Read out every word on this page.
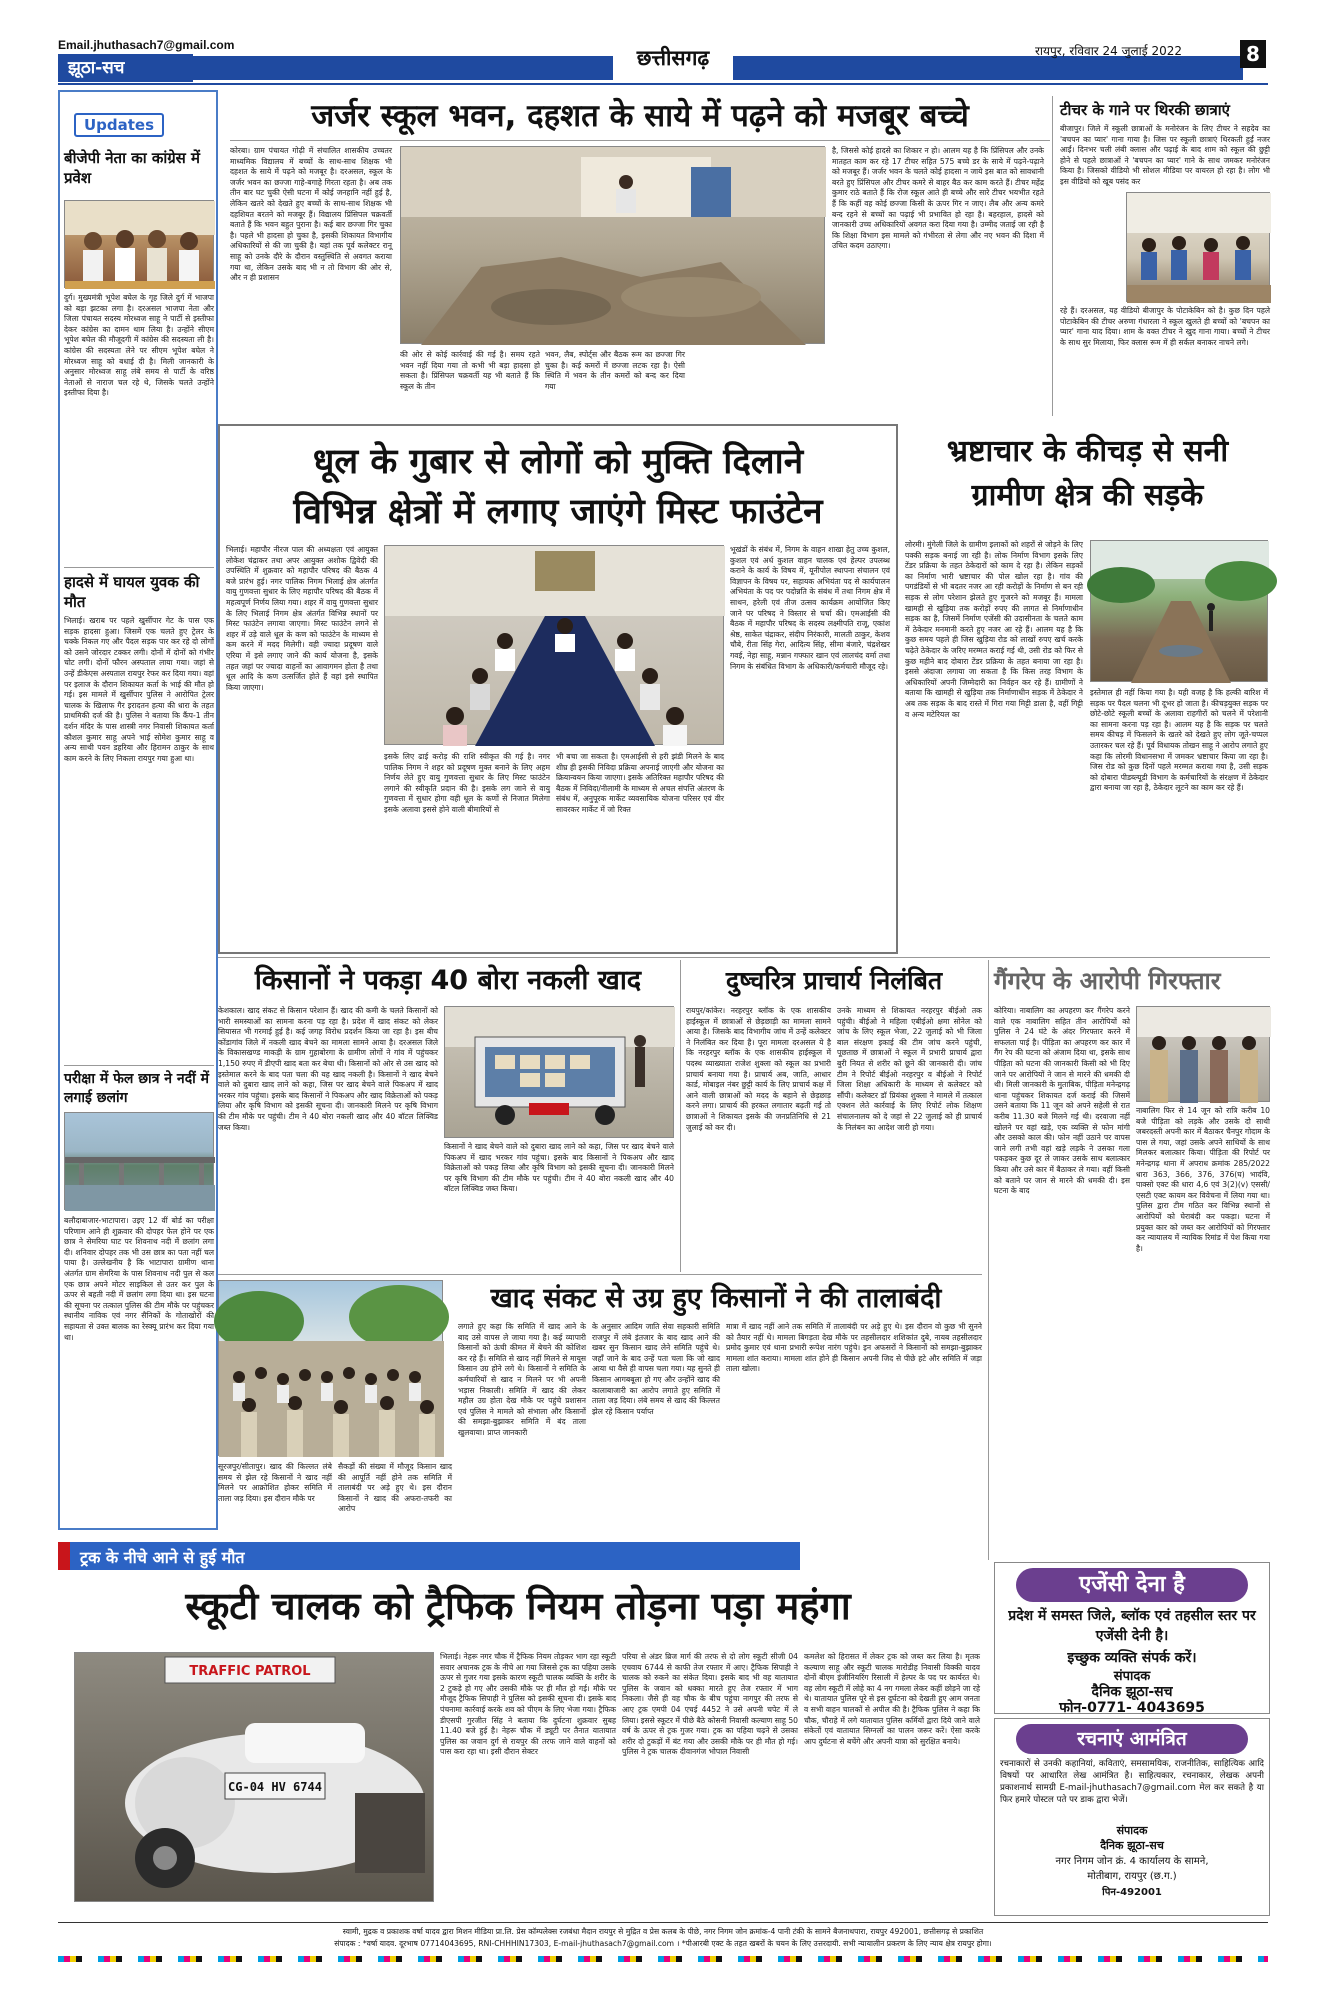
Email.jhuthasach7@gmail.com
झूठा-सच	छत्तीसगढ़	रायपुर, रविवार 24 जुलाई 2022	8
Updates
बीजेपी नेता का कांग्रेस में प्रवेश
दुर्ग। मुख्यमंत्री भूपेश बघेल के गृह जिले दुर्ग में भाजपा को बड़ा झटका लगा है। दरअसल भाजपा नेता और जिला पंचायत सदस्य मोरध्वज साहू ने पार्टी से इस्तीफा देकर कांग्रेस का दामन थाम लिया है। उन्होंने सीएम भूपेश बघेल की मौजूदगी में कांग्रेस की सदस्यता ली है। कांग्रेस की सदस्यता लेने पर सीएम भूपेश बघेल ने मोरध्वज साहू को बधाई दी है। मिली जानकारी के अनुसार मोरध्वज साहू लंबे समय से पार्टी के वरिष्ठ नेताओं से नाराज चल रहे थे, जिसके चलते उन्होंने इस्तीफा दिया है।
हादसे में घायल युवक की मौत
भिलाई। खराब पर पहले खुर्सीपार गेट के पास एक सड़क हादसा हुआ। जिसमें एक चलते हुए ट्रेलर के चक्के निकल गए और पैदल सड़क पार कर रहे दो लोगों को उसने जोरदार टक्कर लगी। दोनों में दोनों को गंभीर चोट लगी। दोनों फौरन अस्पताल लाया गया। जहां से उन्हें डीकेएस अस्पताल रायपुर रेफर कर दिया गया। वहां पर इलाज के दौरान शिकायत कर्ता के भाई की मौत हो गई। इस मामले में खुर्सीपार पुलिस ने आरोपित ट्रेलर चालक के खिलाफ गैर इरादतन हत्या की धारा के तहत प्राथमिकी दर्ज की है। पुलिस ने बताया कि कैंप-1 तीन दर्शन मंदिर के पास शास्त्री नगर निवासी शिकायत कर्ता कौशल कुमार साहू अपने भाई सोमेश कुमार साहू व अन्य साथी पवन डहरिया और हिरामन ठाकुर के साथ काम करने के लिए निकला रायपुर गया हुआ था।
परीक्षा में फेल छात्र ने नदीं में लगाई छलांग
बलौदाबाजार-भाटापारा। उइए 12 वीं बोर्ड का परीक्षा परिणाम आने ही शुक्रवार की दोपहर फेल होने पर एक छात्र ने सेमरिया घाट पर शिवनाथ नदी में छलांग लगा दी। शनिवार दोपहर तक भी उस छात्र का पता नहीं चल पाया है। उल्लेखनीय है कि भाटापारा ग्रामीण थाना अंतर्गत ग्राम सेमरिया के पास शिवनाथ नदी पुल से कल एक छात्र अपने मोटर साइकिल से उतर कर पुल के ऊपर से बहती नदी में छलांग लगा दिया था। इस घटना की सूचना पर तत्काल पुलिस की टीम मौके पर पहुंचकर स्थानीय नाविक एवं नगर सैनिकों के गोताखोरों की सहायता से उक्त बालक का रेस्क्यू प्रारंभ कर दिया गया था।
जर्जर स्कूल भवन, दहशत के साये में पढ़ने को मजबूर बच्चे
कोरबा। ग्राम पंचायत गोढ़ी में संचालित शासकीय उच्चतर माध्यमिक विद्यालय में बच्चों के साथ-साथ शिक्षक भी दहशत के साये में पढ़ने को मजबूर है। दरअसल, स्कूल के जर्जर भवन का छज्जा गाहे-बगाहे गिरता रहता है। अब तक तीन बार घट चुकी ऐसी घटना में कोई जनहानि नहीं हुई है, लेकिन खतरे को देखते हुए बच्चों के साथ-साथ शिक्षक भी दहशियत बरतने को मजबूर हैं। विद्यालय प्रिंसिपल चक्रवर्ती बताते हैं कि भवन बहुत पुराना है। कई बार छज्जा गिर चुका है। पहले भी हादसा हो चुका है, इसकी शिकायत विभागीय अधिकारियों से की जा चुकी है। यहां तक पूर्व कलेक्टर रानू साहू को उनके दौरे के दौरान वस्तुस्थिति से अवगत कराया गया था, लेकिन उसके बाद भी न तो विभाग की ओर से, और न ही प्रशासन
की ओर से कोई कार्रवाई की गई है। समय रहते भवन नहीं दिया गया तो कभी भी बड़ा हादसा हो सकता है। प्रिंसिपल चक्रवर्ती यह भी बताते हैं कि स्कूल के तीन
भवन, लैब, स्पोर्ट्स और बैठक रूम का छज्जा गिर चुका है। कई कमरों में छज्जा लटक रहा है। ऐसी स्थिति में भवन के तीन कमरों को बन्द कर दिया गया
है, जिससे कोई हादसे का शिकार न हो। आलम यह है कि प्रिंसिपल और उनके मातहत काम कर रहे 17 टीचर सहित 575 बच्चे डर के साये में पढ़ने-पढ़ाने को मजबूर हैं। जर्जर भवन के चलते कोई हादसा न जाये इस बात को सावधानी बरते हुए प्रिंसिपल और टीचर कमरे से बाहर बैठ कर काम करते हैं। टीचर महेंद्र कुमार राठे बताते हैं कि रोज स्कूल आते ही बच्चे और सारे टीचर भयभीत रहते हैं कि कहीं वह कोई छज्जा किसी के ऊपर गिर न जाए। लैब और अन्य कमरे बन्द रहने से बच्चों का पढ़ाई भी प्रभावित हो रहा है। बहरहाल, हादसे को जानकारी उच्च अधिकारियों अवगत करा दिया गया है। उम्मीद जताई जा रही है कि शिक्षा विभाग इस मामले को गंभीरता से लेगा और नए भवन की दिशा में उचित कदम उठाएगा।
टीचर के गाने पर थिरकी छात्राएं
बीजापुर। जिले में स्कूली छात्राओं के मनोरंजन के लिए टीचर ने सहदेव का 'बचपन का प्यार' गाना गाया है। जिस पर स्कूली छात्राएं थिरकती हुईं नजर आईं। दिनभर चली लंबी क्लास और पढ़ाई के बाद शाम को स्कूल की छुट्टी होने से पहले छात्राओं ने 'बचपन का प्यार' गाने के साथ जमकर मनोरंजन किया है। जिसको वीडियो भी सोशल मीडिया पर वायरल हो रहा है। लोग भी इस वीडियो को खूब पसंद कर
रहे हैं। दरअसल, यह वीडियो बीजापुर के पोटाकेबिन को है। कुछ दिन पहले पोटाकेबिन की टीचर अरुणा गंधारला ने स्कूल खुलते ही बच्चों को 'बचपन का प्यार' गाना याद दिया। शाम के वक्त टीचर ने खुद गाना गाया। बच्चों ने टीचर के साथ सुर मिलाया, फिर क्लास रूम में ही सर्कल बनाकर नाचने लगे।
धूल के गुबार से लोगों को मुक्ति दिलाने
विभिन्न क्षेत्रों में लगाए जाएंगे मिस्ट फाउंटेन
भिलाई। महापौर नीरज पाल की अध्यक्षता एवं आयुक्त लोकेश चंद्राकर तथा अपर आयुक्त अशोक द्विवेदी की उपस्थिति में शुक्रवार को महापौर परिषद की बैठक 4 बजे प्रारंभ हुई। नगर पालिक निगम भिलाई क्षेत्र अंतर्गत वायु गुणवत्ता सुधार के लिए महापौर परिषद की बैठक में महत्वपूर्ण निर्णय लिया गया। शहर में वायु गुणवत्ता सुधार के लिए भिलाई निगम क्षेत्र अंतर्गत विभिन्न स्थानों पर मिस्ट फाउंटेन लगाया जाएगा। मिस्ट फाउंटेन लगने से शहर में उड़े वाले धूल के कण को फाउंटेन के माध्यम से कम करने में मदद मिलेगी। वही ज्यादा प्रदूषण वाले एरिया में इसे लगाए जाने की कार्य योजना है, इसके तहत जहां पर ज्यादा वाहनों का आवागमन होता है तथा धूल आदि के कण उत्सर्जित होते हैं वहां इसे स्थापित किया जाएगा।
इसके लिए ढाई करोड़ की राशि स्वीकृत की गई है। नगर पालिक निगम ने शहर को प्रदूषण मुक्त बनाने के लिए अहम निर्णय लेते हुए वायु गुणवत्ता सुधार के लिए मिस्ट फाउंटेन लगाने की स्वीकृति प्रदान की है। इसके लग जाने से वायु गुणवत्ता में सुधार होगा वही धूल के कणों से निजात मिलेगा इसके अलावा इससे होने वाली बीमारियों से
भी बचा जा सकता है। एमआईसी से हरी झंडी मिलने के बाद शीघ्र ही इसकी निविदा प्रक्रिया अपनाई जाएगी और योजना का क्रियान्वयन किया जाएगा। इसके अतिरिक्त महापौर परिषद की बैठक में निविदा/नीलामी के माध्यम से अचल संपत्ति अंतरण के संबंध में, अनुपूरक मार्केट व्यवसायिक योजना परिसर एवं वीर सावरकर मार्केट में जो रिक्त
भूखंडों के संबंध में, निगम के वाहन शाखा हेतु उच्च कुशल, कुशल एवं अर्ध कुशल वाहन चालक एवं हेल्पर उपलब्ध कराने के कार्य के विषय में, यूनीपोल स्थापना संचालन एवं विज्ञापन के विषय पर, सहायक अभियंता पद से कार्यपालन अभियंता के पद पर पदोन्नति के संबंध में तथा निगम क्षेत्र में साथन, हरेली एवं तीज उत्सव कार्यक्रम आयोजित किए जाने पर परिषद ने विस्तार से चर्चा की। एमआईसी की बैठक में महापौर परिषद के सदस्य लक्ष्मीपति राजू, एकांश श्रेष्ठ, साकेत चंद्राकर, संदीप निरंकारी, मालती ठाकुर, केशव चौबे, रीता सिंह गेरा, आदित्य सिंह, सीमा बंजारे, चंद्रशेखर गवई, नेहा साहू, मन्नान गफ्फार खान एवं लालचंद वर्मा तथा निगम के संबंधित विभाग के अधिकारी/कर्मचारी मौजूद रहे।
भ्रष्टाचार के कीचड़ से सनी
ग्रामीण क्षेत्र की सड़के
लोरमी। मुंगेली जिले के ग्रामीण इलाकों को शहरों से जोड़ने के लिए पक्की सड़क बनाई जा रही है। लोक निर्माण विभाग इसके लिए टेंडर प्रक्रिया के तहत ठेकेदारों को काम दे रहा है। लेकिन सड़कों का निर्माण भारी भ्रष्टाचार की पोल खोल रहा है। गांव की पगडंडियों से भी बदतर नजर आ रही करोड़ों के निर्माण से बन रही सड़क से लोग परेशान झेलते हुए गुजरने को मजबूर हैं। मामला खामही से खुड़िया तक करोड़ों रुपए की लागत से निर्माणाधीन सड़क का है, जिसमें निर्माण एजेंसी की उदासीनता के चलते काम में ठेकेदार मनमानी करते हुए नजर आ रहे हैं। आलम यह है कि कुछ समय पहले ही जिस खुड़िया रोड को लाखों रुपए खर्च करके चढ़ेते ठेकेदार के जरिए मरम्मत कराई गई थी, उसी रोड को फिर से कुछ महीने बाद दोबारा टेंडर प्रक्रिया के तहत बनाया जा रहा है। इससे अंदाजा लगाया जा सकता है कि किस तरह विभाग के अधिकारियों अपनी जिम्मेदारी का निर्वहन कर रहे हैं। ग्रामीणों ने बताया कि खामही से खुड़िया तक निर्माणाधीन सड़क में ठेकेदार ने अब तक सड़क के बाद रास्ते में गिरा गया मिट्टी डाला है, वहीं गिट्टी व अन्य मटेरियल का
इस्तेमाल ही नहीं किया गया है। यही वजह है कि हल्की बारिश में सड़क पर पैदल चलना भी दूभर हो जाता है। कीचड़युक्त सड़क पर छोटे-छोटे स्कूली बच्चों के अलावा राहगीरों को चलने में परेशानी का सामना करना पड़ रहा है। आलम यह है कि सड़क पर चलते समय कीचड़ में फिसलने के खतरे को देखते हुए लोग जूते-चप्पल उतारकर चल रहे हैं। पूर्व विधायक तोखन साहू ने आरोप लगाते हुए कहा कि लोरमी विधानसभा में जमकर भ्रष्टाचार किया जा रहा है। जिस रोड को कुछ दिनों पहले मरम्मत कराया गया है, उसी सड़क को दोबारा पीडब्ल्यूडी विभाग के कर्मचारियों के संरक्षण में ठेकेदार द्वारा बनाया जा रहा है, ठेकेदार लूटने का काम कर रहे हैं।
किसानों ने पकड़ा 40 बोरा नकली खाद
केशकाल। खाद संकट से किसान परेशान हैं। खाद की कमी के चलते किसानों को भारी समस्याओं का सामना करना पड़ रहा है। प्रदेश में खाद संकट को लेकर सियासत भी गरमाई हुई है। कई जगह विरोध प्रदर्शन किया जा रहा है। इस बीच कोंडागांव जिले में नकली खाद बेचने का मामला सामने आया है। दरअसल जिले के विकासखण्ड माकड़ी के ग्राम गुहाबोरगा के ग्रामीण लोगों ने गांव में पहुंचकर 1,150 रुपए में डीएपी खाद बता कर बेचा थी। किसानों को ओर से उस खाद को इस्तेमाल करने के बाद पता चला की यह खाद नकली है। किसानों ने खाद बेचने वाले को दुबारा खाद लाने को कहा, जिस पर खाद बेचने वाले पिकअप में खाद भरकर गांव पहुंचा। इसके बाद किसानों ने पिकअप और खाद विक्रेताओं को पकड़ लिया और कृषि विभाग को इसकी सूचना दी। जानकारी मिलने पर कृषि विभाग की टीम मौके पर पहुंची। टीम ने 40 बोरा नकली खाद और 40 बॉटल लिक्विड जब्त किया।
किसानों ने खाद बेचने वाले को दुबारा खाद लाने को कहा, जिस पर खाद बेचने वाले पिकअप में खाद भरकर गांव पहुंचा। इसके बाद किसानों ने पिकअप और खाद विक्रेताओं को पकड़ लिया और कृषि विभाग को इसकी सूचना दी। जानकारी मिलने पर कृषि विभाग की टीम मौके पर पहुंची। टीम ने 40 बोरा नकली खाद और 40 बॉटल लिक्विड जब्त किया।
दुष्चरित्र प्राचार्य निलंबित
रायपुर/कांकेर। नरहरपुर ब्लॉक के एक शासकीय हाईस्कूल में छात्राओं से छेड़छाड़ी का मामला सामने आया है। जिसके बाद विभागीय जांच में उन्हें कलेक्टर ने निलंबित कर दिया है। पूरा मामला दरअसल ये है कि नरहरपुर ब्लॉक के एक शासकीय हाईस्कूल में पदस्थ व्याख्याता राजेश शुक्ला को स्कूल का प्रभारी प्राचार्य बनाया गया है। प्राचार्य अब, जाति, आधार कार्ड, मोबाइल नंबर छुट्टी कार्य के लिए प्राचार्य कक्ष में आने वाली छात्राओं को मदद के बहाने से छेड़छाड़ करने लगा। प्राचार्य की हरकत लगातार बढ़ती गई तो छात्राओं ने शिकायत इसके की जनप्रतिनिधि से 21 जुलाई को कर दी।
उनके माध्यम से शिकायत नरहरपुर बीईओ तक पहुंची। बीईओ ने महिला एबीईओ क्षमा सोनेल को जांच के लिए स्कूल भेजा, 22 जुलाई को भी जिला बाल संरक्षण इकाई की टीम जांच करने पहुंची, पूछताछ में छात्राओं ने स्कूल में प्रभारी प्राचार्य द्वारा बुरी नियत से शरीर को छूने की जानकारी दी। जांच टीम ने रिपोर्ट बीईओ नरहरपुर व बीईओ ने रिपोर्ट जिला शिक्षा अधिकारी के माध्यम से कलेक्टर को सौंपी। कलेक्टर डॉ प्रियंका शुक्ला ने मामले में तत्काल एक्शन लेते कार्रवाई के लिए रिपोर्ट लोक शिक्षण संचालनालय को दे जहां से 22 जुलाई को ही प्राचार्य के निलंबन का आदेश जारी हो गया।
गैंगरेप के आरोपी गिरफ्तार
कोरिया। नाबालिग का अपहरण कर गैंगरेप करने वाले एक नाबालिग सहित तीन आरोपियों को पुलिस ने 24 घंटे के अंदर गिरफ्तार करने में सफलता पाई है। पीड़िता का अपहरण कर कार में गैंग रेप की घटना को अंजाम दिया था, इसके साथ पीड़िता को घटना की जानकारी किसी को भी दिए जाने पर आरोपियों ने जान से मारने की धमकी दी थी। मिली जानकारी के मुताबिक, पीड़िता मनेन्द्रगढ़ थाना पहुंचकर शिकायत दर्ज कराई की जिसमें उसने बताया कि 11 जून को अपने सहेली से रात करीब 11.30 बजे मिलने गई थी। दरवाजा नहीं खोलने पर वहां खड़े, एक व्यक्ति से फोन मांगी और उसको काल की। फोन नहीं उठाने पर वापस जाने लगी तभी वहां खड़े लड़के ने उसका गला पकड़कर कुछ दूर ले जाकर उसके साथ बलात्कार किया और उसे कार में बैठाकर ले गया। वहीं किसी को बताने पर जान से मारने की धमकी दी। इस घटना के बाद
नाबालिग फिर से 14 जून को रात्रि करीब 10 बजे पीड़िता को लड़के और उसके दो साथी जबरदस्ती अपनी कार में बैठाकर चैनपुर गोदाम के पास ले गया, जहां उसके अपने साथियों के साथ मिलकर बलात्कार किया। पीड़िता की रिपोर्ट पर मनेन्द्रगढ़ थाना में अपराध क्रमांक 285/2022 धारा 363, 366, 376, 376(घ) भादंवि, पाक्सो एक्ट की धारा 4,6 एवं 3(2)(v) एससी/एसटी एक्ट कायम कर विवेचना में लिया गया था। पुलिस द्वारा टीम गठित कर विभिन्न स्थानों से आरोपियों को घेराबंदी कर पकड़ा। घटना में प्रयुक्त कार को जब्त कर आरोपियों को गिरफ्तार कर न्यायालय में न्यायिक रिमांड में पेश किया गया है।
खाद संकट से उग्र हुए किसानों ने की तालाबंदी
सूरजपुर/सीतापुर। खाद की किल्लत लंबे समय से झेल रहे किसानों ने खाद नहीं मिलने पर आक्रोशित होकर समिति में ताला जड़ दिया। इस दौरान मौके पर
सैकड़ों की संख्या में मौजूद किसान खाद की आपूर्ति नहीं होने तक समिति में तालाबंदी पर अड़े हुए थे। इस दौरान किसानों ने खाद की अफरा-तफरी का आरोप
लगाते हुए कहा कि समिति में खाद आने के बाद उसे वापस ले जाया गया है। कई व्यापारी किसानों को ऊंची कीमत में बेचने की कोशिश कर रहे हैं। समिति से खाद नहीं मिलने से मायूस किसान उग्र होने लगे थे। किसानों ने समिति के कर्मचारियों से खाद न मिलने पर भी अपनी भड़ास निकाली। समिति में खाद की लेकर महौल उग्र होता देख मौके पर पहुंचे प्रशासन एवं पुलिस ने मामले को संभाला और किसानों की समझा-बुझाकर समिति में बंद ताला खुलवाया। प्राप्त जानकारी
के अनुसार आदिम जाति सेवा सहकारी समिति राजपुर में लंबे इंतजार के बाद खाद आने की खबर सुन किसान खाद लेने समिति पहुंचे थे। जहाँ जाने के बाद उन्हें पता चला कि जो खाद आया था वैसे ही वापस चला गया। यह सुनते ही किसान आगबबूला हो गए और उन्होंने खाद की कालाबाजारी का आरोप लगाते हुए समिति में ताला जड़ दिया। लंबे समय से खाद की किल्लत झेल रहे किसान पर्याप्त
मात्रा में खाद नहीं आने तक समिति में तालाबंदी पर अड़े हुए थे। इस दौरान वो कुछ भी सुनने को तैयार नहीं थे। मामला बिगड़ता देख मौके पर तहसीलदार शशिकांत दुबे, नायब तहसीलदार प्रमोद कुमार एवं थाना प्रभारी रूपेश नारंग पहुंचे। इन अफसरों ने किसानों को समझा-बुझाकर मामला शांत कराया। मामला शांत होने ही किसान अपनी जिद से पीछे हटे और समिति में जड़ा ताला खोला।
ट्रक के नीचे आने से हुई मौत
स्कूटी चालक को ट्रैफिक नियम तोड़ना पड़ा महंगा
TRAFFIC PATROL
CG-04 HV 6744
भिलाई। नेहरू नगर चौक में ट्रैफिक नियम तोड़कर भाग रहा स्कूटी सवार अचानक ट्रक के नीचे आ गया जिससे ट्रक का पहिया उसके ऊपर से गुजर गया इसके कारण स्कूटी चालक व्यक्ति के शरीर के 2 टुकड़े हो गए और उसकी मौके पर ही मौत हो गई। मौके पर मौजूद ट्रैफिक सिपाही ने पुलिस को इसकी सूचना दी। इसके बाद पंचनामा कार्रवाई करके शव को पीएम के लिए भेजा गया। ट्रैफिक डीएसपी गुरजीत सिंह ने बताया कि दुर्घटना शुक्रवार सुबह 11.40 बजे हुई है। नेहरू चौक में ड्यूटी पर तैनात यातायात पुलिस का जवान दुर्ग से रायपुर की तरफ जाने वाले वाहनों को पास करा रहा था। इसी दौरान सेक्टर
परिया से अंडर ब्रिज मार्ग की तरफ से दो लोग स्कूटी सीजी 04 एचवाय 6744 से काफी तेज रफ्तार में आए। ट्रैफिक सिपाही ने चालक को रुकने का संकेत दिया। इसके बाद भी वह यातायात पुलिस के जवान को धक्का मारते हुए तेज रफ्तार में भाग निकला। जैसे ही वह चौक के बीच पहुंचा नागपुर की तरफ से आए ट्रक एमपी 04 एचई 4452 ने उसे अपनी चपेट में ले लिया। इससे स्कूटर में पीछे बैठे कोसनी निवासी कल्याण साहू 50 वर्ष के ऊपर से ट्रक गुजर गया। ट्रक का पहिया चढ़ने से उसका शरीर दो टुकड़ों में बंट गया और उसकी मौके पर ही मौत हो गई। पुलिस ने ट्रक चालक दीवानगंज भोपाल निवासी
कमलेश को हिरासत में लेकर ट्रक को जब्त कर लिया है। मृतक कल्याण साहू और स्कूटी चालक मारोडीह निवासी विक्की यादव दोनों बीएम इंजीनियरिंग रिसाली में हेल्पर के पद पर कार्यरत थे। वह लोग स्कूटी में लोहे का 4 नग गमला लेकर कहीं छोड़ने जा रहे थे। यातायात पुलिस पूरे से इस दुर्घटना को देखती हुए आम जनता व सभी वाहन चालकों से अपील की है। ट्रैफिक पुलिस ने कहा कि चौक, चौराहे में लगे यातायात पुलिस कर्मियों द्वारा दिये जाने वाले संकेतों एवं यातायात सिग्नलों का पालन जरूर करें। ऐसा करके आप दुर्घटना से बचेंगे और अपनी यात्रा को सुरक्षित बनाये।
एजेंसी देना है
प्रदेश में समस्त जिले, ब्लॉक एवं तहसील स्तर पर एजेंसी देनी है।
इच्छुक व्यक्ति संपर्क करें।
संपादक
दैनिक झूठा-सच
फोन-0771- 4043695
रचनाएं आमंत्रित
रचनाकारों से उनकी कहानियां, कविताएं, समसामयिक, राजनीतिक, साहित्यिक आदि विषयों पर आधारित लेख आमंत्रित है। साहित्यकार, रचनाकार, लेखक अपनी प्रकाशनार्थ सामग्री E-mail-jhuthasach7@gmail.com मेल कर सकते है या फिर हमारे पोस्टल पते पर डाक द्वारा भेजें।
संपादक
दैनिक झूठा-सच
नगर निगम जोन क्रं. 4 कार्यालय के सामने,
मोतीबाग, रायपुर (छ.ग.)
पिन-492001
स्वामी, मुद्रक व प्रकाशक वर्षा यादव द्वारा मिशन मीडिया प्रा.लि. प्रेस कॉम्पलेक्स रजबंधा मैदान रायपुर से मुद्रित व प्रेस कलब के पीछे, नगर निगम जोन क्रमांक-4 पानी टंकी के सामने बैजनाथपारा, रायपुर 492001, छत्तीसगढ़ से प्रकाशित
संपादक : *वर्षा यादव. दूरभाष 07714043695, RNI-CHHHIN17303, E-mail-jhuthasach7@gmail.com । *पीआरबी एक्ट के तहत खबरों के चयन के लिए उत्तरदायी. सभी न्यायालीन प्रकरण के लिए न्याय क्षेत्र रायपुर होगा।
